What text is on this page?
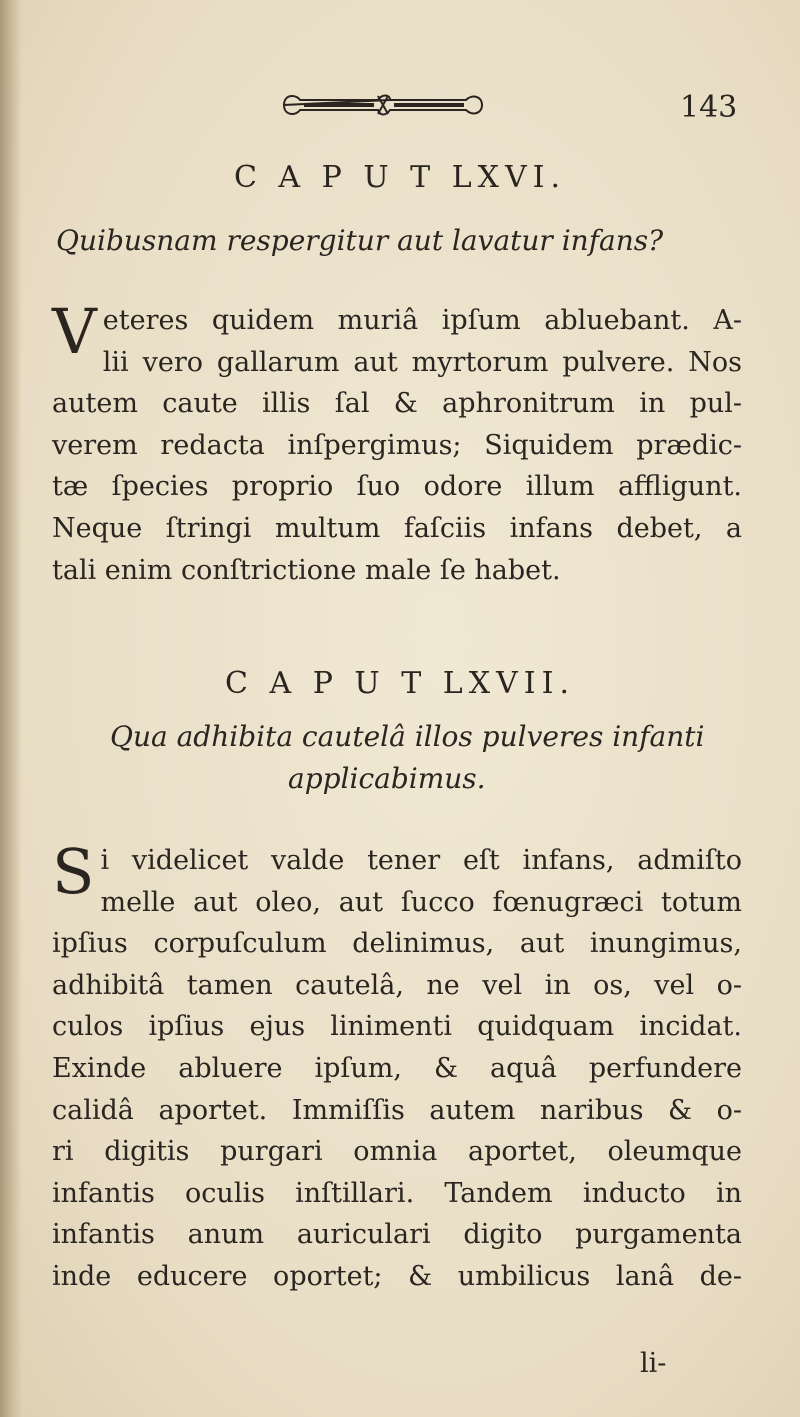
143
C A P U T LXVI.
Quibusnam respergitur aut lavatur infans?
V eteres quidem muriâ ipſum abluebant. A-
lii vero gallarum aut myrtorum pulvere. Nos
autem caute illis ſal & aphronitrum in pul-
verem redacta inſpergimus; Siquidem prædic-
tæ ſpecies proprio ſuo odore illum affligunt.
Neque ſtringi multum faſciis infans debet, a
tali enim conſtrictione male ſe habet.
C A P U T LXVII.
Qua adhibita cautelâ illos pulveres infanti
applicabimus.
S i videlicet valde tener eſt infans, admiſto
melle aut oleo, aut ſucco fœnugræci totum
ipſius corpuſculum delinimus, aut inungimus,
adhibitâ tamen cautelâ, ne vel in os, vel o-
culos ipſius ejus linimenti quidquam incidat.
Exinde abluere ipſum, & aquâ perfundere
calidâ aportet. Immiſſis autem naribus & o-
ri digitis purgari omnia aportet, oleumque
infantis oculis inſtillari. Tandem inducto in
infantis anum auriculari digito purgamenta
inde educere oportet; & umbilicus lanâ de-
li-
